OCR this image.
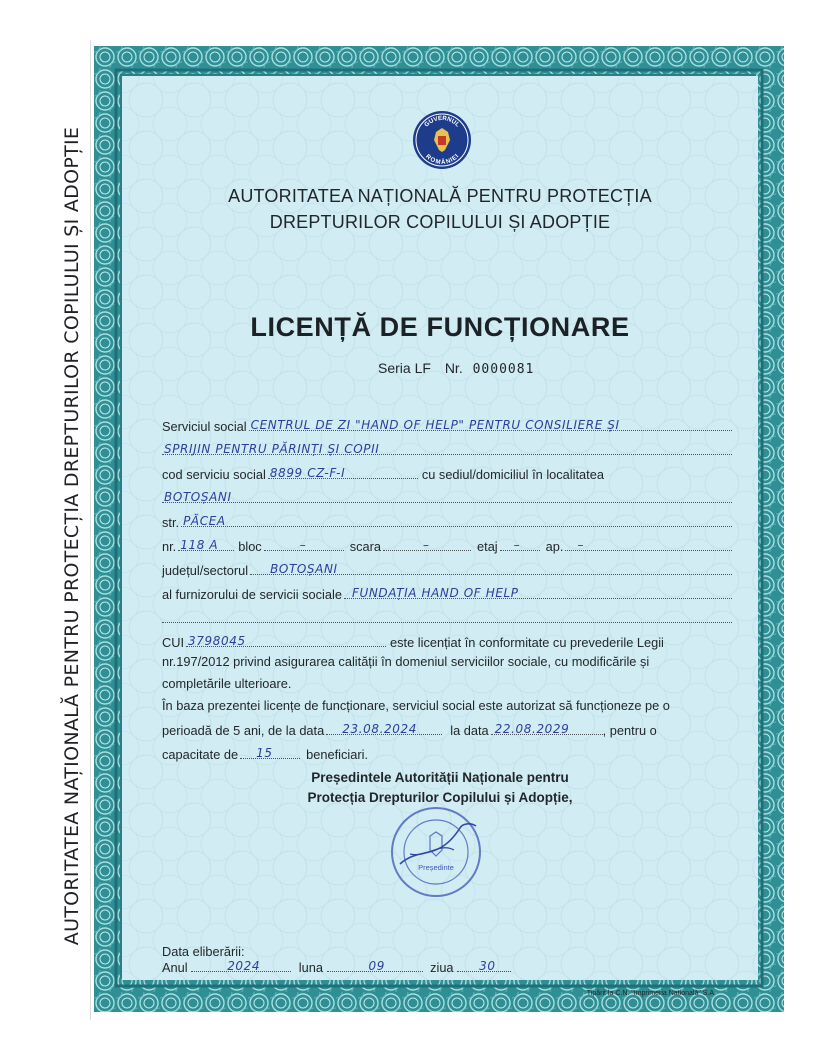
AUTORITATEA NAȚIONALĂ PENTRU PROTECȚIA DREPTURILOR COPILULUI ȘI ADOPȚIE
GUVERNUL
ROMÂNIEI
AUTORITATEA NAȚIONALĂ PENTRU PROTECȚIA
DREPTURILOR COPILULUI ȘI ADOPȚIE
LICENȚĂ DE FUNCȚIONARE
Seria LF Nr. 0000081
Serviciul social CENTRUL DE ZI "HAND OF HELP" PENTRU CONSILIERE ȘI
SPRIJIN PENTRU PĂRINȚI ȘI COPII
cod serviciu social 8899 CZ-F-I	cu sediul/domiciliul în localitatea
BOTOȘANI
str. PĂCEA
nr. 118 A	bloc	–	scara	–	etaj –	ap. –
județul/sectorul BOTOȘANI
al furnizorului de servicii sociale FUNDAȚIA HAND OF HELP
CUI 3798045	este licențiat în conformitate cu prevederile Legii
nr.197/2012 privind asigurarea calității în domeniul serviciilor sociale, cu modificările și
completările ulterioare.
În baza prezentei licențe de funcționare, serviciul social este autorizat să funcționeze pe o
perioadă de 5 ani, de la data 23.08.2024	la data 22.08.2029	, pentru o
capacitate de 15	beneficiari.
Președintele Autorității Naționale pentru
Protecția Drepturilor Copilului și Adopție,
Președinte
Data eliberării:
Anul	2024	luna	09	ziua 30
Tipărit la C.N. "Imprimeria Națională" S.A.
